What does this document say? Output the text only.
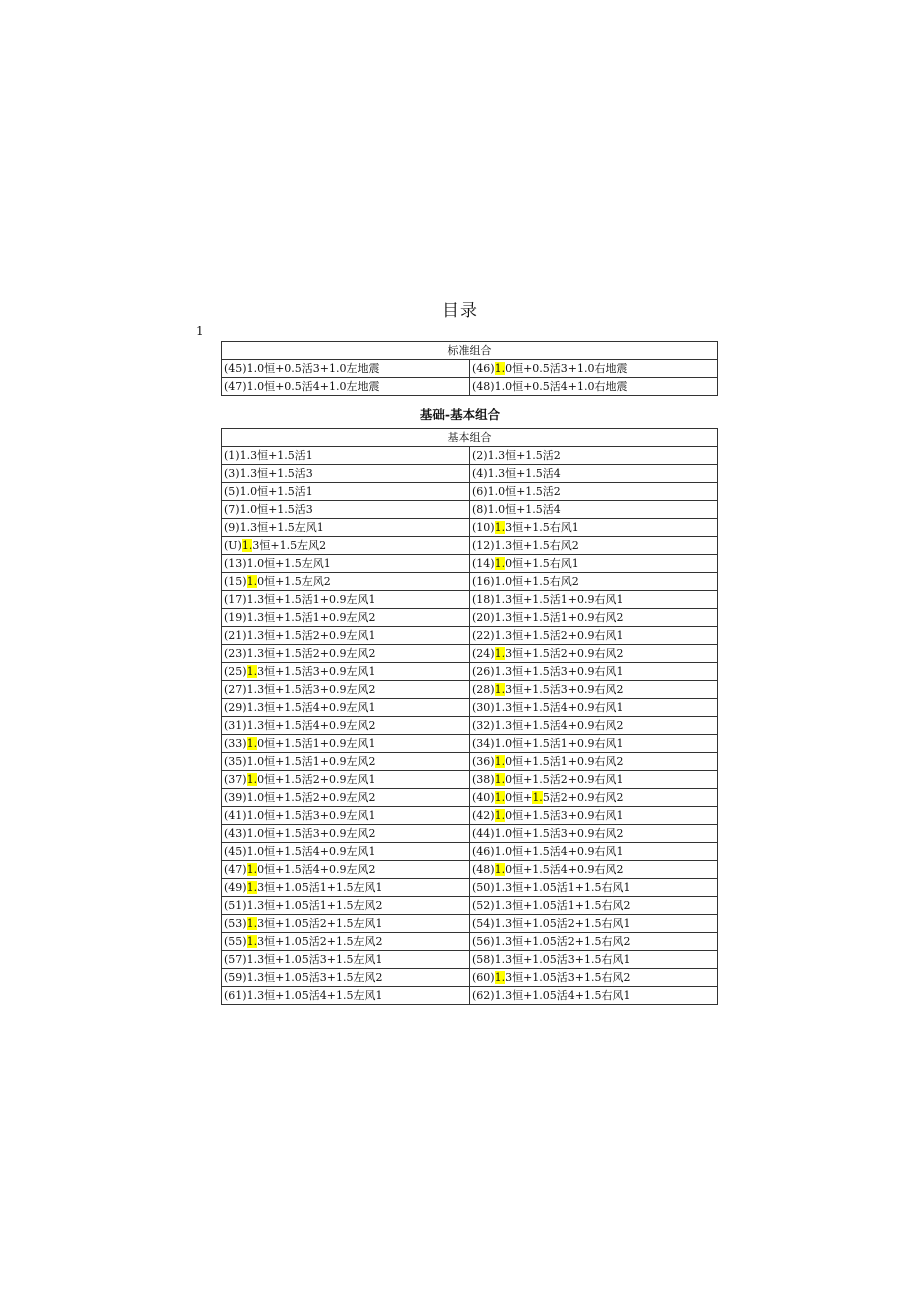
目录
1
标准组合	
(45)1.0恒+0.5活3+1.0左地震	(46)1.0恒+0.5活3+1.0右地震
(47)1.0恒+0.5活4+1.0左地震	(48)1.0恒+0.5活4+1.0右地震
基础-基本组合
基本组合	
(1)1.3恒+1.5活1	(2)1.3恒+1.5活2
(3)1.3恒+1.5活3	(4)1.3恒+1.5活4
(5)1.0恒+1.5活1	(6)1.0恒+1.5活2
(7)1.0恒+1.5活3	(8)1.0恒+1.5活4
(9)1.3恒+1.5左风1	(10)1.3恒+1.5右风1
(U)1.3恒+1.5左风2	(12)1.3恒+1.5右风2
(13)1.0恒+1.5左风1	(14)1.0恒+1.5右风1
(15)1.0恒+1.5左风2	(16)1.0恒+1.5右风2
(17)1.3恒+1.5活1+0.9左风1	(18)1.3恒+1.5活1+0.9右风1
(19)1.3恒+1.5活1+0.9左风2	(20)1.3恒+1.5活1+0.9右风2
(21)1.3恒+1.5活2+0.9左风1	(22)1.3恒+1.5活2+0.9右风1
(23)1.3恒+1.5活2+0.9左风2	(24)1.3恒+1.5活2+0.9右风2
(25)1.3恒+1.5活3+0.9左风1	(26)1.3恒+1.5活3+0.9右风1
(27)1.3恒+1.5活3+0.9左风2	(28)1.3恒+1.5活3+0.9右风2
(29)1.3恒+1.5活4+0.9左风1	(30)1.3恒+1.5活4+0.9右风1
(31)1.3恒+1.5活4+0.9左风2	(32)1.3恒+1.5活4+0.9右风2
(33)1.0恒+1.5活1+0.9左风1	(34)1.0恒+1.5活1+0.9右风1
(35)1.0恒+1.5活1+0.9左风2	(36)1.0恒+1.5活1+0.9右风2
(37)1.0恒+1.5活2+0.9左风1	(38)1.0恒+1.5活2+0.9右风1
(39)1.0恒+1.5活2+0.9左风2	(40)1.0恒+1.5活2+0.9右风2
(41)1.0恒+1.5活3+0.9左风1	(42)1.0恒+1.5活3+0.9右风1
(43)1.0恒+1.5活3+0.9左风2	(44)1.0恒+1.5活3+0.9右风2
(45)1.0恒+1.5活4+0.9左风1	(46)1.0恒+1.5活4+0.9右风1
(47)1.0恒+1.5活4+0.9左风2	(48)1.0恒+1.5活4+0.9右风2
(49)1.3恒+1.05活1+1.5左风1	(50)1.3恒+1.05活1+1.5右风1
(51)1.3恒+1.05活1+1.5左风2	(52)1.3恒+1.05活1+1.5右风2
(53)1.3恒+1.05活2+1.5左风1	(54)1.3恒+1.05活2+1.5右风1
(55)1.3恒+1.05活2+1.5左风2	(56)1.3恒+1.05活2+1.5右风2
(57)1.3恒+1.05活3+1.5左风1	(58)1.3恒+1.05活3+1.5右风1
(59)1.3恒+1.05活3+1.5左风2	(60)1.3恒+1.05活3+1.5右风2
(61)1.3恒+1.05活4+1.5左风1	(62)1.3恒+1.05活4+1.5右风1
